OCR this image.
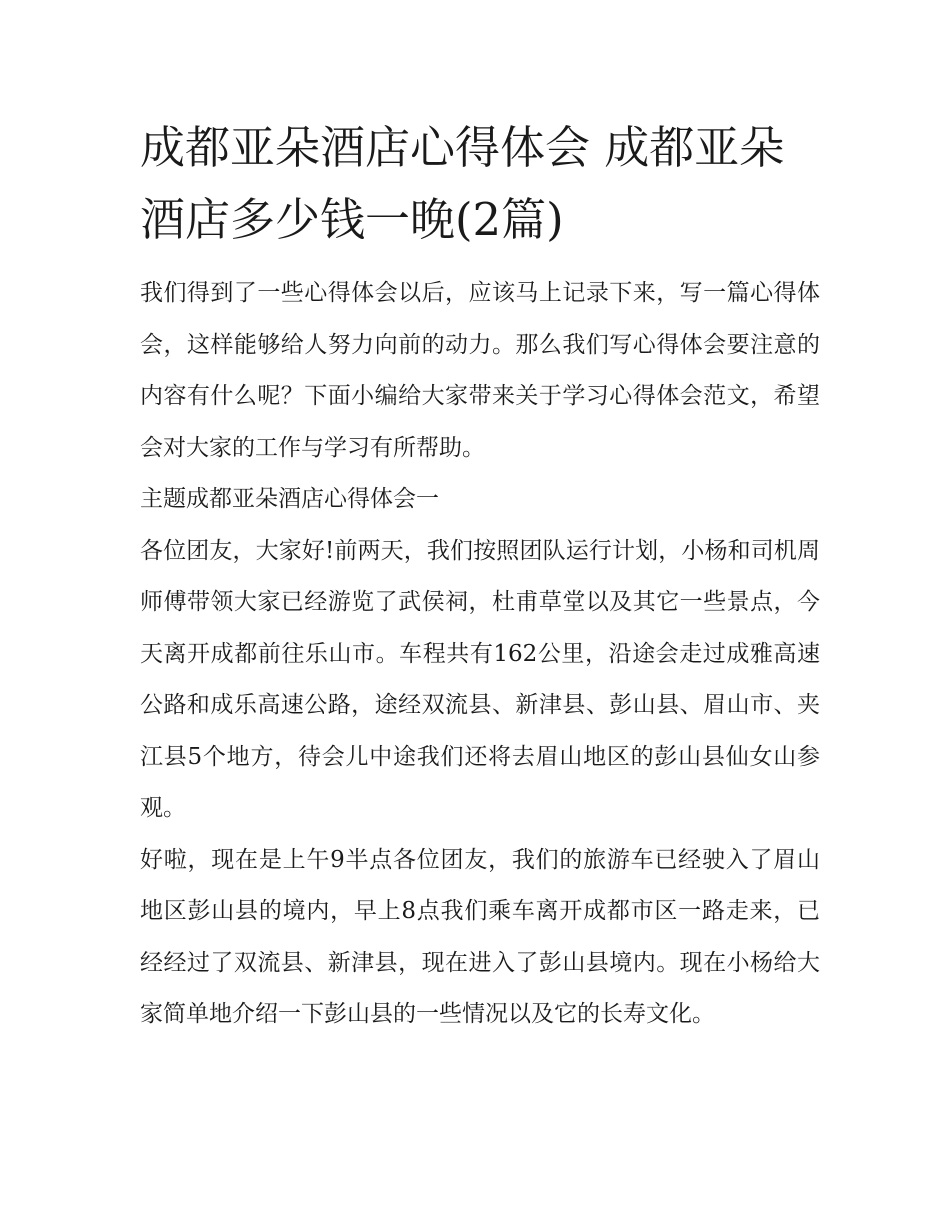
成都亚朵酒店心得体会 成都亚朵酒店多少钱一晚(2篇)

我们得到了一些心得体会以后，应该马上记录下来，写一篇心得体会，这样能够给人努力向前的动力。那么我们写心得体会要注意的内容有什么呢？下面小编给大家带来关于学习心得体会范文，希望会对大家的工作与学习有所帮助。

主题成都亚朵酒店心得体会一

各位团友，大家好!前两天，我们按照团队运行计划，小杨和司机周师傅带领大家已经游览了武侯祠，杜甫草堂以及其它一些景点，今天离开成都前往乐山市。车程共有162公里，沿途会走过成雅高速公路和成乐高速公路，途经双流县、新津县、彭山县、眉山市、夹江县5个地方，待会儿中途我们还将去眉山地区的彭山县仙女山参观。

好啦，现在是上午9半点各位团友，我们的旅游车已经驶入了眉山地区彭山县的境内，早上8点我们乘车离开成都市区一路走来，已经经过了双流县、新津县，现在进入了彭山县境内。现在小杨给大家简单地介绍一下彭山县的一些情况以及它的长寿文化。
